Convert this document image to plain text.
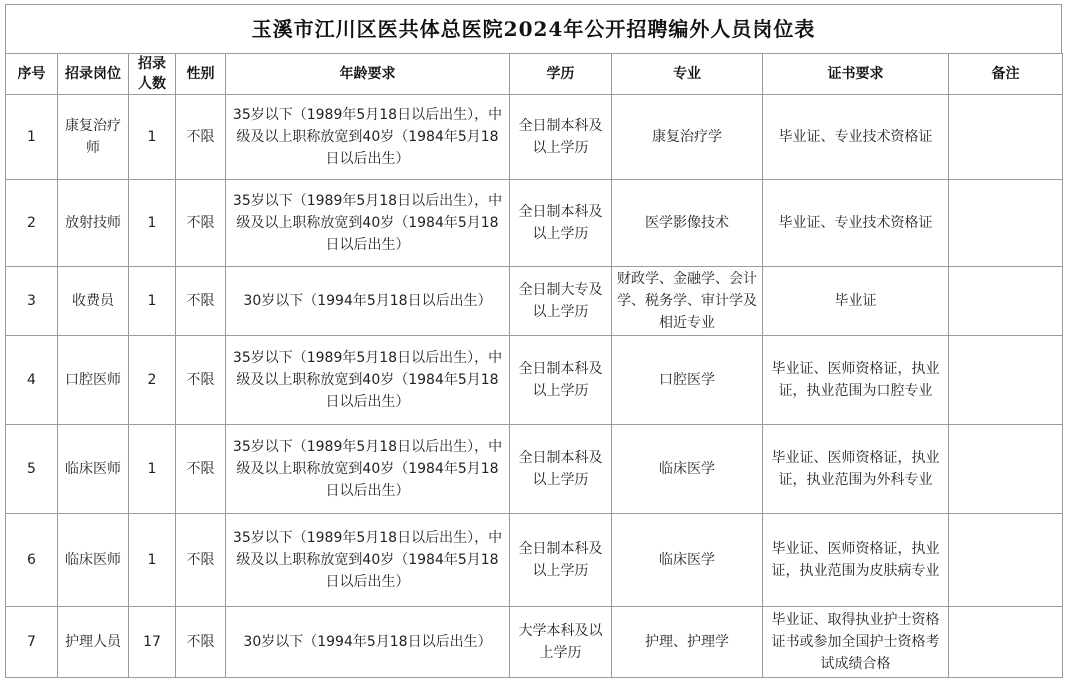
玉溪市江川区医共体总医院2024年公开招聘编外人员岗位表
序号	招录岗位	招录人数	性别	年龄要求	学历	专业	证书要求	备注
1	康复治疗师	1	不限	35岁以下（1989年5月18日以后出生），中级及以上职称放宽到40岁（1984年5月18日以后出生）	全日制本科及以上学历	康复治疗学	毕业证、专业技术资格证	
2	放射技师	1	不限	35岁以下（1989年5月18日以后出生），中级及以上职称放宽到40岁（1984年5月18日以后出生）	全日制本科及以上学历	医学影像技术	毕业证、专业技术资格证	
3	收费员	1	不限	30岁以下（1994年5月18日以后出生）	全日制大专及以上学历	财政学、金融学、会计学、税务学、审计学及相近专业	毕业证	
4	口腔医师	2	不限	35岁以下（1989年5月18日以后出生），中级及以上职称放宽到40岁（1984年5月18日以后出生）	全日制本科及以上学历	口腔医学	毕业证、医师资格证，执业证，执业范围为口腔专业	
5	临床医师	1	不限	35岁以下（1989年5月18日以后出生），中级及以上职称放宽到40岁（1984年5月18日以后出生）	全日制本科及以上学历	临床医学	毕业证、医师资格证，执业证，执业范围为外科专业	
6	临床医师	1	不限	35岁以下（1989年5月18日以后出生），中级及以上职称放宽到40岁（1984年5月18日以后出生）	全日制本科及以上学历	临床医学	毕业证、医师资格证，执业证，执业范围为皮肤病专业	
7	护理人员	17	不限	30岁以下（1994年5月18日以后出生）	大学本科及以上学历	护理、护理学	毕业证、取得执业护士资格证书或参加全国护士资格考试成绩合格	
